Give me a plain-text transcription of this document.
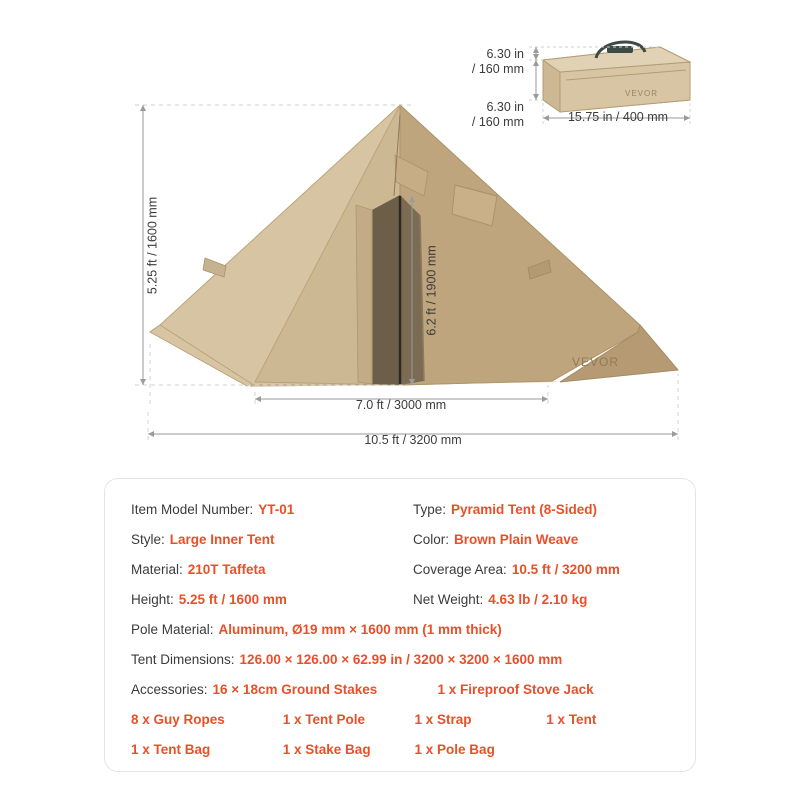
VEVOR
VEVOR
6.30 in
/ 160 mm
6.30 in
/ 160 mm	15.75 in / 400 mm
5.25 ft / 1600 mm	6.2 ft / 1900 mm
7.0 ft / 3000 mm
10.5 ft / 3200 mm
Item Model Number: YT-01	Type: Pyramid Tent (8-Sided)
Style: Large Inner Tent	Color: Brown Plain Weave
Material: 210T Taffeta	Coverage Area: 10.5 ft / 3200 mm
Height: 5.25 ft / 1600 mm	Net Weight: 4.63 lb / 2.10 kg
Pole Material: Aluminum, Ø19 mm × 1600 mm (1 mm thick)
Tent Dimensions: 126.00 × 126.00 × 62.99 in / 3200 × 3200 × 1600 mm
Accessories: 16 × 18cm Ground Stakes	1 x Fireproof Stove Jack
8 x Guy Ropes	1 x Tent Pole	1 x Strap	1 x Tent
1 x Tent Bag	1 x Stake Bag	1 x Pole Bag
